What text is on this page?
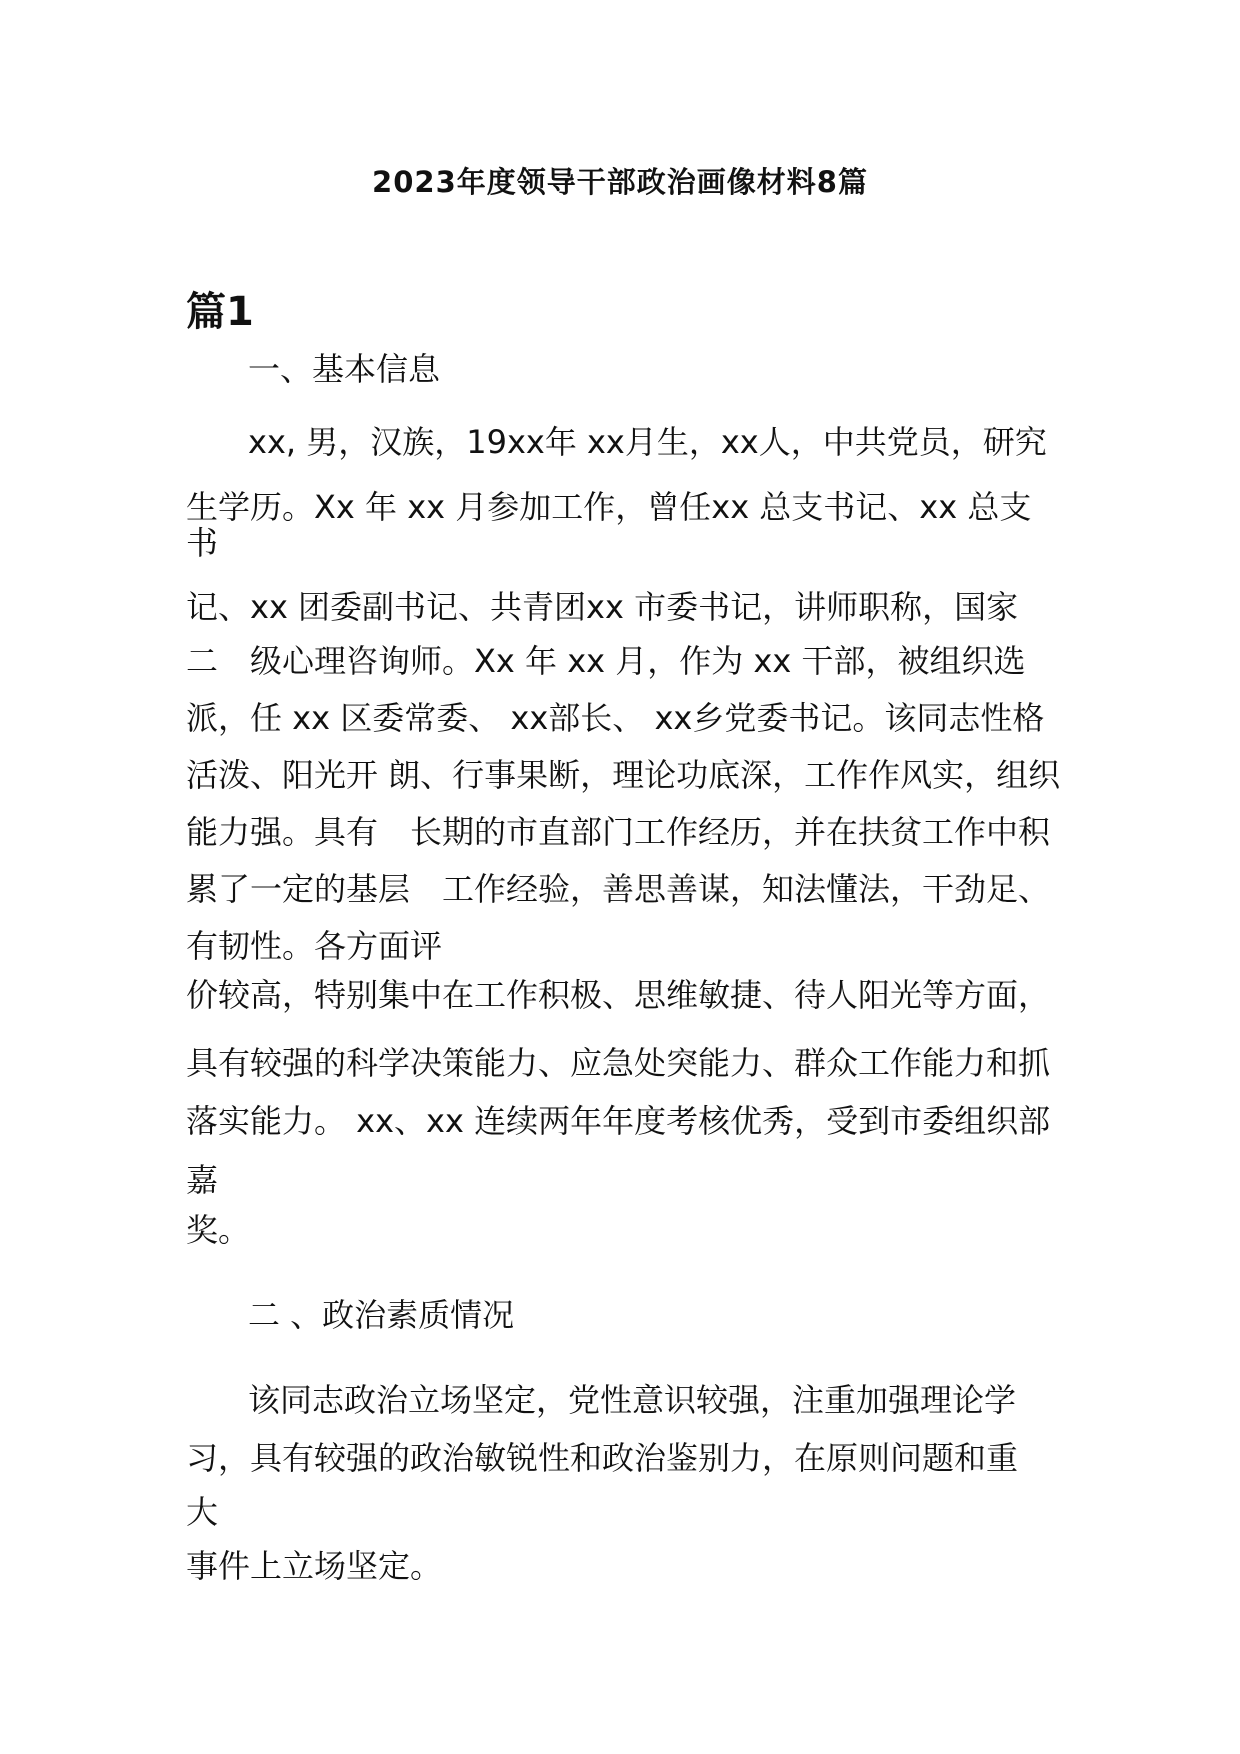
2023年度领导干部政治画像材料8篇
篇1
一、基本信息
xx, 男，汉族，19xx年 xx月生，xx人，中共党员，研究
生学历。Xx 年 xx 月参加工作，曾任xx 总支书记、xx 总支
书
记、xx 团委副书记、共青团xx 市委书记，讲师职称，国家
二　级心理咨询师。Xx 年 xx 月，作为 xx 干部，被组织选
派，任 xx 区委常委、 xx部长、 xx乡党委书记。该同志性格
活泼、阳光开 朗、行事果断，理论功底深，工作作风实，组织
能力强。具有　长期的市直部门工作经历，并在扶贫工作中积
累了一定的基层　工作经验，善思善谋，知法懂法，干劲足、
有韧性。各方面评
价较高，特别集中在工作积极、思维敏捷、待人阳光等方面，
具有较强的科学决策能力、应急处突能力、群众工作能力和抓
落实能力。 xx、xx 连续两年年度考核优秀，受到市委组织部
嘉
奖。
二 、政治素质情况
该同志政治立场坚定，党性意识较强，注重加强理论学
习，具有较强的政治敏锐性和政治鉴别力，在原则问题和重
大
事件上立场坚定。
